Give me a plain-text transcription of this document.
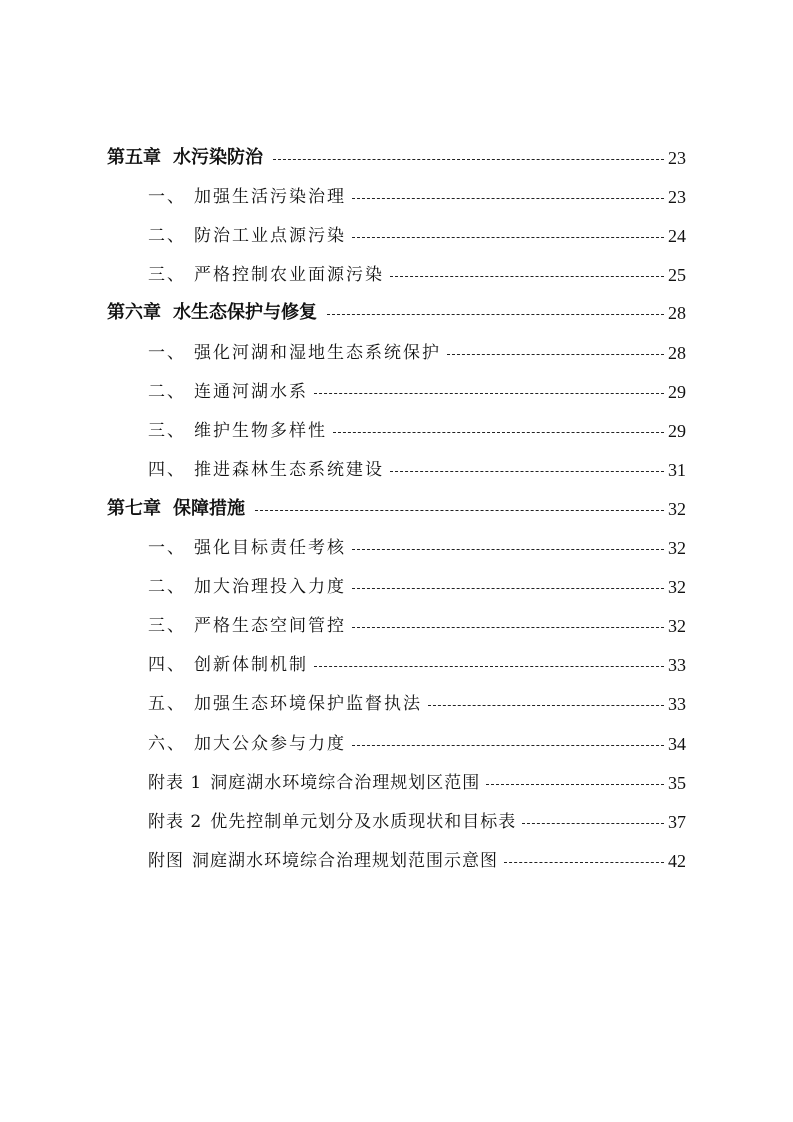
第五章 水污染防治	23
一、 加强生活污染治理	23
二、 防治工业点源污染	24
三、 严格控制农业面源污染	25
第六章 水生态保护与修复	28
一、 强化河湖和湿地生态系统保护	28
二、 连通河湖水系	29
三、 维护生物多样性	29
四、 推进森林生态系统建设	31
第七章 保障措施	32
一、 强化目标责任考核	32
二、 加大治理投入力度	32
三、 严格生态空间管控	32
四、 创新体制机制	33
五、 加强生态环境保护监督执法	33
六、 加大公众参与力度	34
附表 1 洞庭湖水环境综合治理规划区范围	35
附表 2 优先控制单元划分及水质现状和目标表	37
附图 洞庭湖水环境综合治理规划范围示意图	42
